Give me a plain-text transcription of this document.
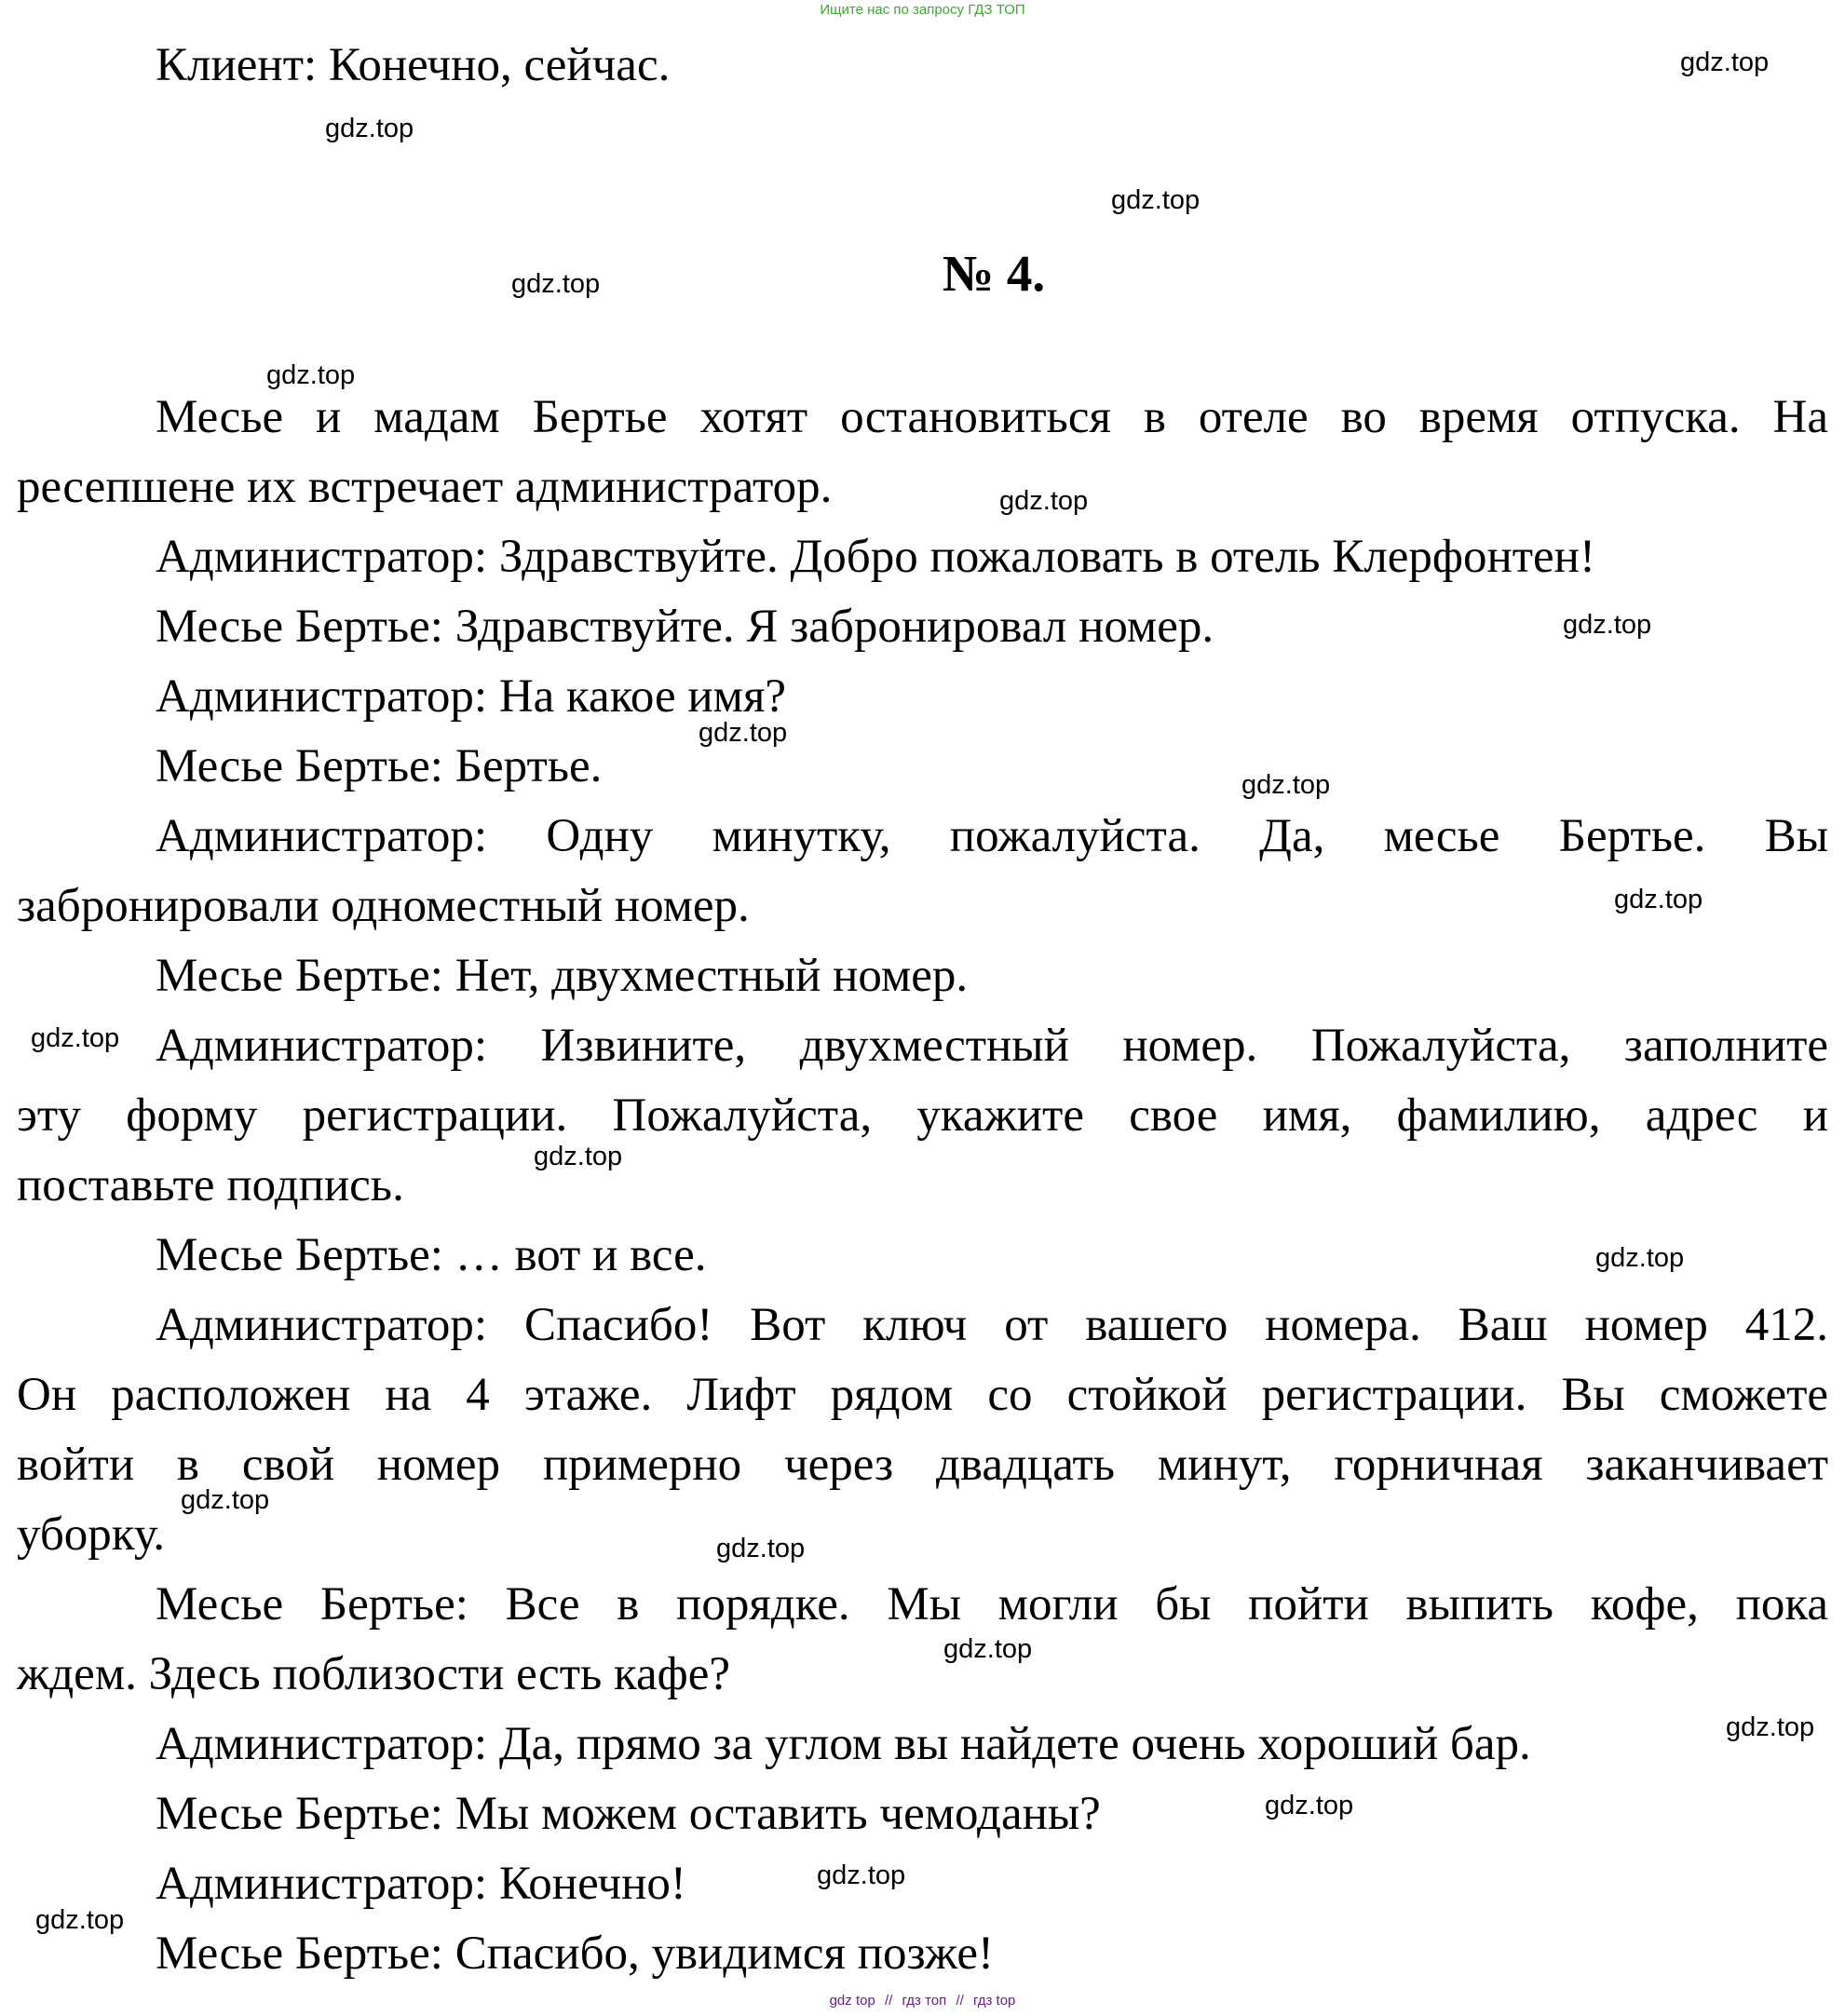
Ищите нас по запросу ГДЗ ТОП
Клиент: Конечно, сейчас.
№ 4.
Месье и мадам Бертье хотят остановиться в отеле во время отпуска. На
ресепшене их встречает администратор.
Администратор: Здравствуйте. Добро пожаловать в отель Клерфонтен!
Месье Бертье: Здравствуйте. Я забронировал номер.
Администратор: На какое имя?
Месье Бертье: Бертье.
Администратор: Одну минутку, пожалуйста. Да, месье Бертье. Вы
забронировали одноместный номер.
Месье Бертье: Нет, двухместный номер.
Администратор: Извините, двухместный номер. Пожалуйста, заполните
эту форму регистрации. Пожалуйста, укажите свое имя, фамилию, адрес и
поставьте подпись.
Месье Бертье: … вот и все.
Администратор: Спасибо! Вот ключ от вашего номера. Ваш номер 412.
Он расположен на 4 этаже. Лифт рядом со стойкой регистрации. Вы сможете
войти в свой номер примерно через двадцать минут, горничная заканчивает
уборку.
Месье Бертье: Все в порядке. Мы могли бы пойти выпить кофе, пока
ждем. Здесь поблизости есть кафе?
Администратор: Да, прямо за углом вы найдете очень хороший бар.
Месье Бертье: Мы можем оставить чемоданы?
Администратор: Конечно!
Месье Бертье: Спасибо, увидимся позже!
gdz.top
gdz.top
gdz.top
gdz.top
gdz.top
gdz.top
gdz.top
gdz.top
gdz.top
gdz.top
gdz.top
gdz.top
gdz.top
gdz.top
gdz.top
gdz.top
gdz.top
gdz.top
gdz.top
gdz.top
gdz top // гдз топ // гдз top
